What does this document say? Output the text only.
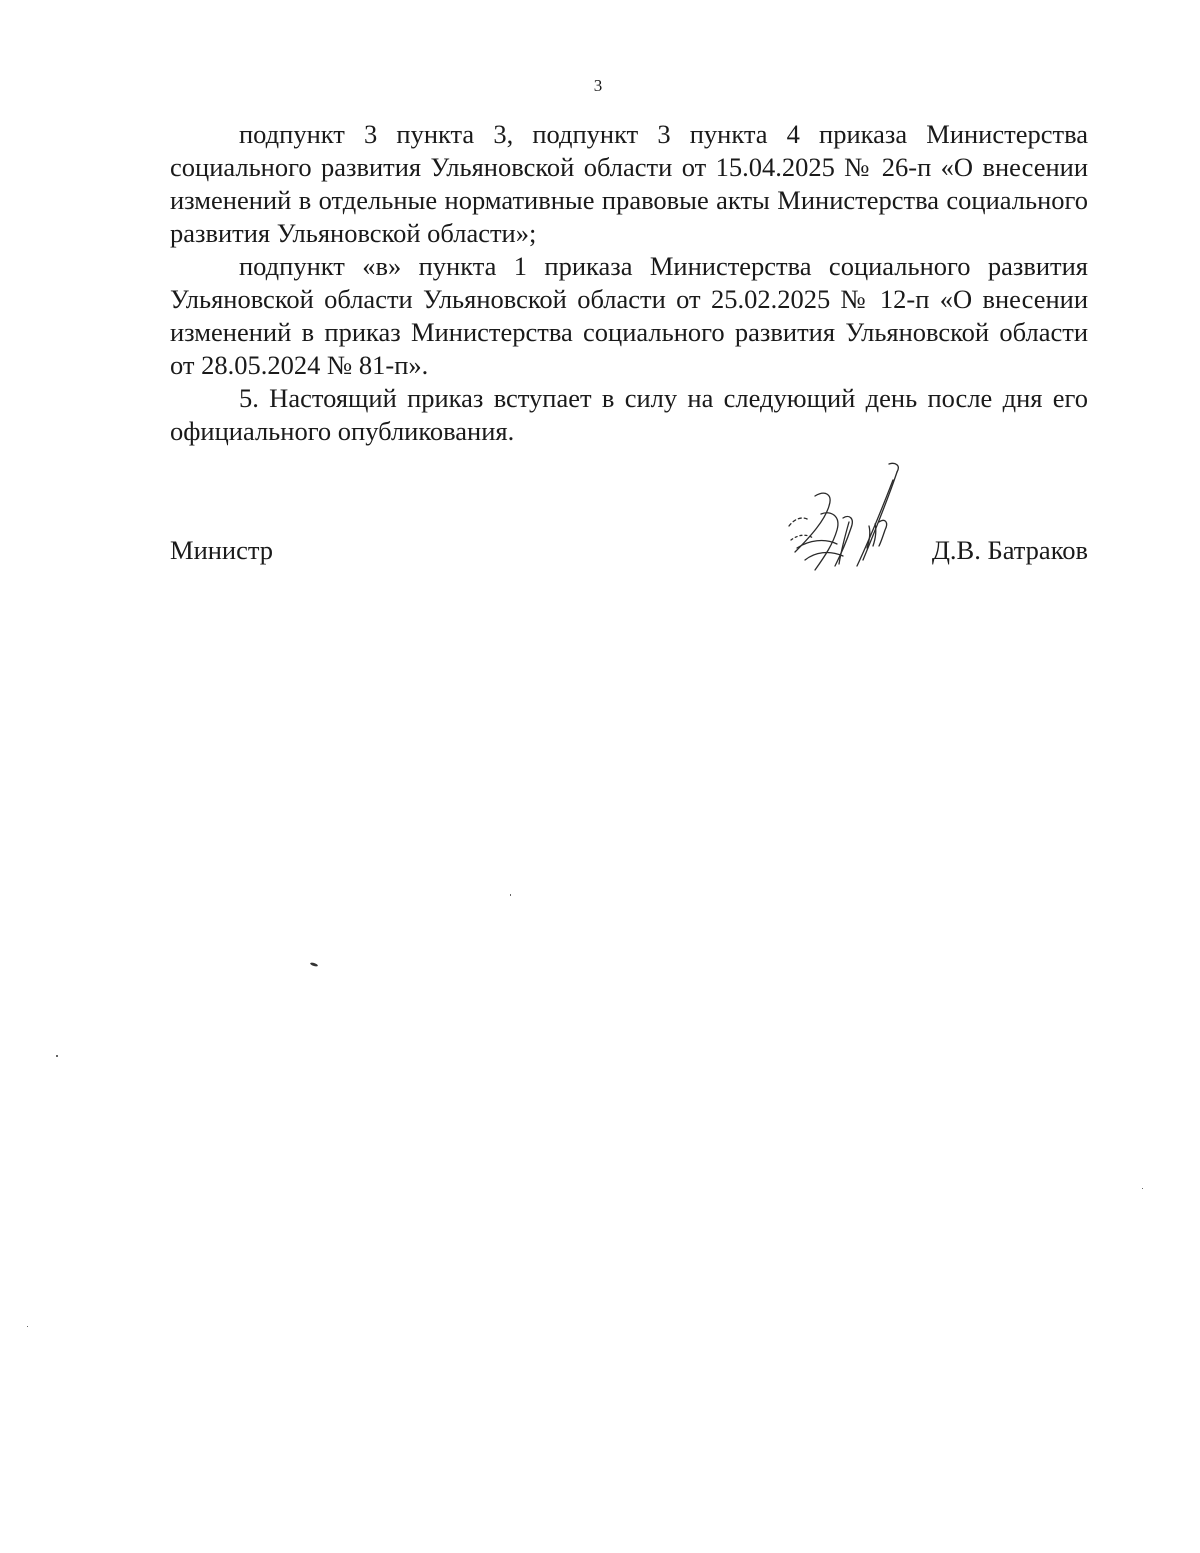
3

подпункт 3 пункта 3, подпункт 3 пункта 4 приказа Министерства социального развития Ульяновской области от 15.04.2025 № 26-п «О внесении изменений в отдельные нормативные правовые акты Министерства социального развития Ульяновской области»;

подпункт «в» пункта 1 приказа Министерства социального развития Ульяновской области Ульяновской области от 25.02.2025 № 12-п «О внесении изменений в приказ Министерства социального развития Ульяновской области от 28.05.2024 № 81-п».

5. Настоящий приказ вступает в силу на следующий день после дня его официального опубликования.

Министр	Д.В. Батраков
